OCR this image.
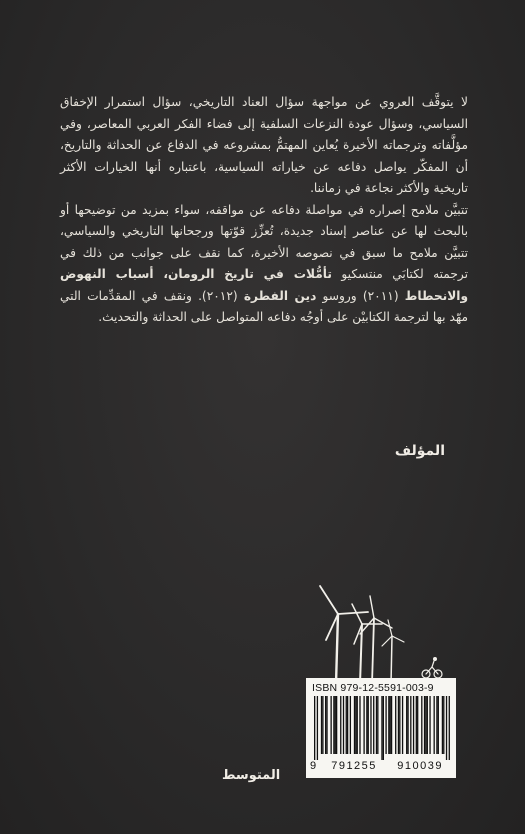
لا يتوقَّف العروي عن مواجهة سؤال العناد التاريخي، سؤال استمرار الإخفاق السياسي، وسؤال عودة النزعات السلفية إلى فضاء الفكر العربي المعاصر، وفي مؤلَّفاته وترجماته الأخيرة يُعاين المهتمُّ بمشروعه في الدفاع عن الحداثة والتاريخ، أن المفكّر يواصل دفاعه عن خياراته السياسية، باعتباره أنها الخيارات الأكثر تاريخية والأكثر نجاعة في زماننا.

تتبيَّن ملامح إصراره في مواصلة دفاعه عن مواقفه، سواء بمزيد من توضيحها أو بالبحث لها عن عناصر إسناد جديدة، تُعزِّز قوّتها ورجحانها التاريخي والسياسي، تتبيَّن ملامح ما سبق في نصوصه الأخيرة، كما نقف على جوانب من ذلك في ترجمته لكتابَي منتسكيو تأمُّلات في تاريخ الرومان، أسباب النهوض والانحطاط (٢٠١١) وروسو دين الفطرة (٢٠١٢). ونقف في المقدِّمات التي مهّد بها لترجمة الكتابيْن على أوجُه دفاعه المتواصل على الحداثة والتحديث.

المؤلف
ISBN 979-12-5591-003-9
9 791255 910039
المتوسط
